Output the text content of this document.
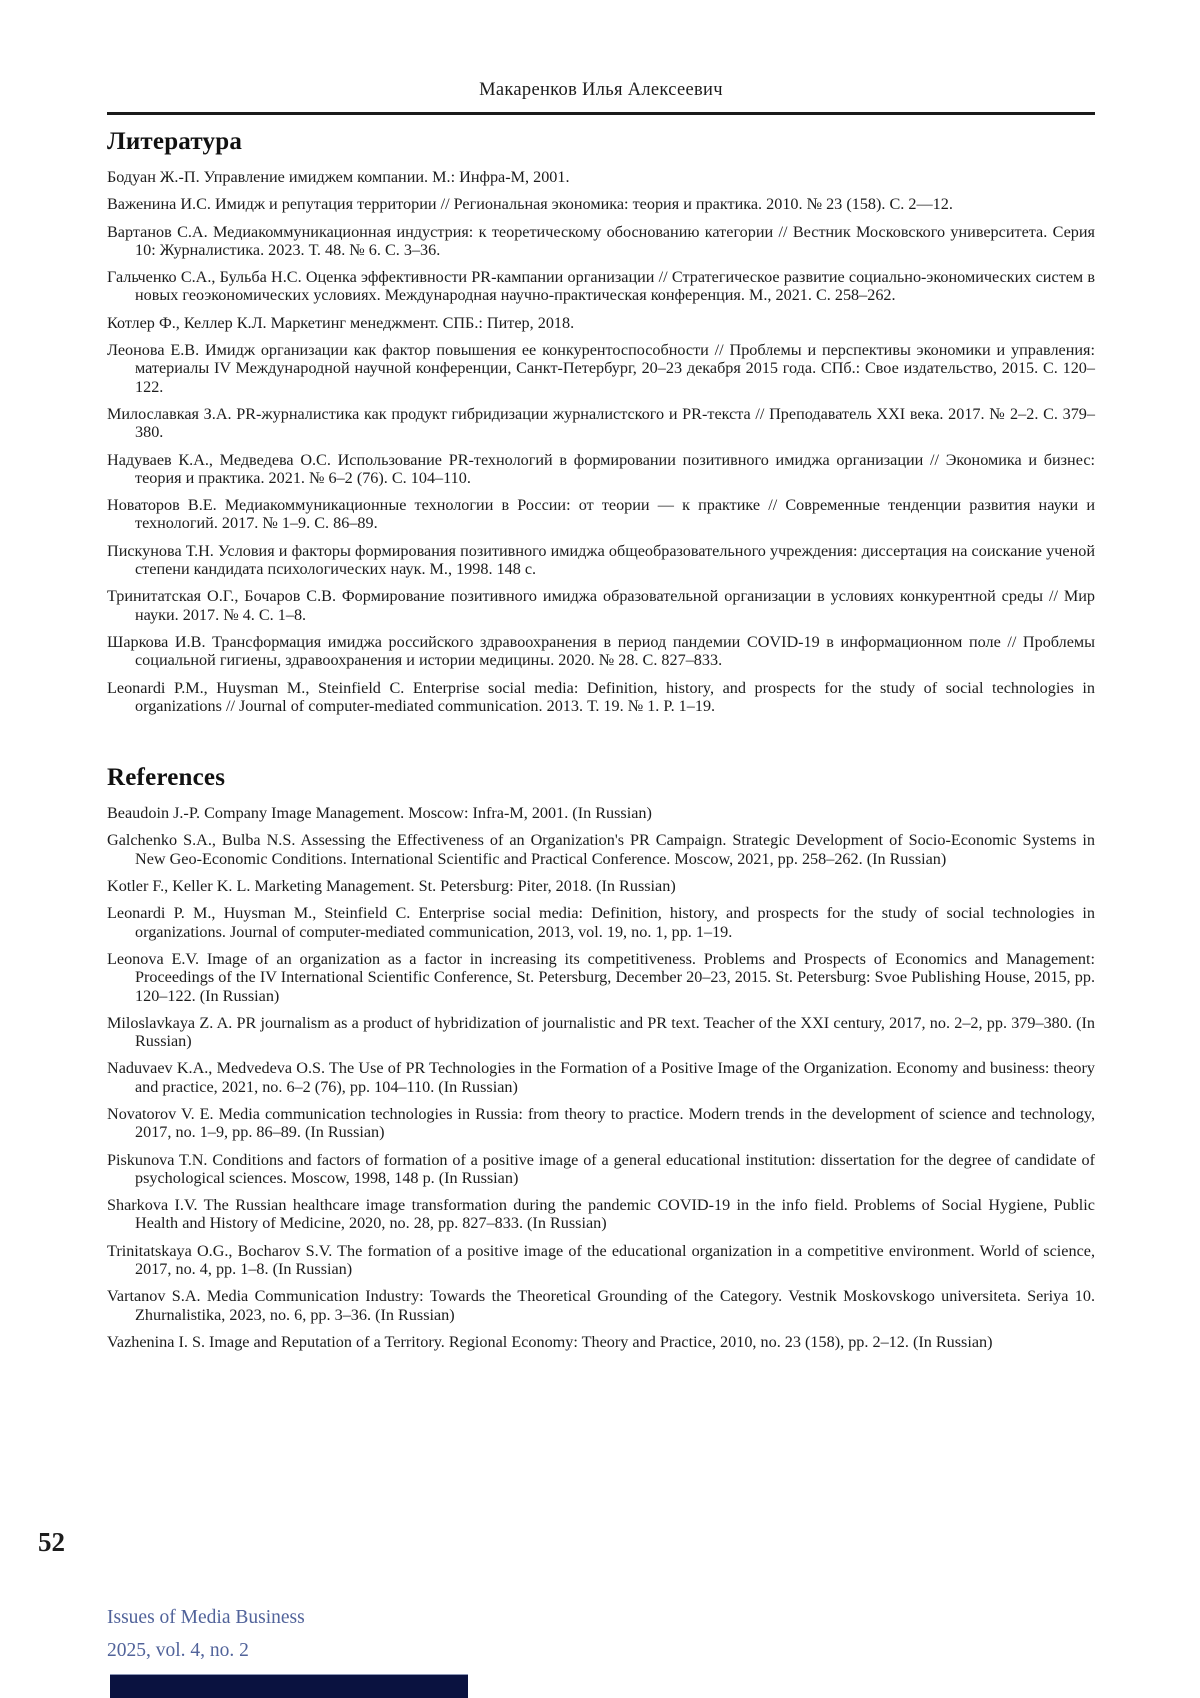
Макаренков Илья Алексеевич
Литература

Бодуан Ж.-П. Управление имиджем компании. М.: Инфра-М, 2001.

Важенина И.С. Имидж и репутация территории // Региональная экономика: теория и практика. 2010. № 23 (158). С. 2—12.

Вартанов С.А. Медиакоммуникационная индустрия: к теоретическому обоснованию категории // Вестник Московского университета. Серия 10: Журналистика. 2023. Т. 48. № 6. С. 3–36.

Гальченко С.А., Бульба Н.С. Оценка эффективности PR-кампании организации // Стратегическое развитие социально-экономических систем в новых геоэкономических условиях. Международная научно-практическая конференция. М., 2021. С. 258–262.

Котлер Ф., Келлер К.Л. Маркетинг менеджмент. СПБ.: Питер, 2018.

Леонова Е.В. Имидж организации как фактор повышения ее конкурентоспособности // Проблемы и перспективы экономики и управления: материалы IV Международной научной конференции, Санкт-Петербург, 20–23 декабря 2015 года. СПб.: Свое издательство, 2015. С. 120–122.

Милославкая З.А. PR-журналистика как продукт гибридизации журналистского и PR-текста // Преподаватель XXI века. 2017. № 2–2. С. 379–380.

Надуваев К.А., Медведева О.С. Использование PR-технологий в формировании позитивного имиджа организации // Экономика и бизнес: теория и практика. 2021. № 6–2 (76). С. 104–110.

Новаторов В.Е. Медиакоммуникационные технологии в России: от теории — к практике // Современные тенденции развития науки и технологий. 2017. № 1–9. С. 86–89.

Пискунова Т.Н. Условия и факторы формирования позитивного имиджа общеобразовательного учреждения: диссертация на соискание ученой степени кандидата психологических наук. М., 1998. 148 с.

Тринитатская О.Г., Бочаров С.В. Формирование позитивного имиджа образовательной организации в условиях конкурентной среды // Мир науки. 2017. № 4. С. 1–8.

Шаркова И.В. Трансформация имиджа российского здравоохранения в период пандемии COVID-19 в информационном поле // Проблемы социальной гигиены, здравоохранения и истории медицины. 2020. № 28. С. 827–833.

Leonardi P.M., Huysman M., Steinfield C. Enterprise social media: Definition, history, and prospects for the study of social technologies in organizations // Journal of computer-mediated communication. 2013. Т. 19. № 1. P. 1–19.

References

Beaudoin J.-P. Company Image Management. Moscow: Infra-M, 2001. (In Russian)

Galchenko S.A., Bulba N.S. Assessing the Effectiveness of an Organization's PR Campaign. Strategic Development of Socio-Economic Systems in New Geo-Economic Conditions. International Scientific and Practical Conference. Moscow, 2021, pp. 258–262. (In Russian)

Kotler F., Keller K. L. Marketing Management. St. Petersburg: Piter, 2018. (In Russian)

Leonardi P. M., Huysman M., Steinfield C. Enterprise social media: Definition, history, and prospects for the study of social technologies in organizations. Journal of computer-mediated communication, 2013, vol. 19, no. 1, pp. 1–19.

Leonova E.V. Image of an organization as a factor in increasing its competitiveness. Problems and Prospects of Economics and Management: Proceedings of the IV International Scientific Conference, St. Petersburg, December 20–23, 2015. St. Petersburg: Svoe Publishing House, 2015, pp. 120–122. (In Russian)

Miloslavkaya Z. A. PR journalism as a product of hybridization of journalistic and PR text. Teacher of the XXI century, 2017, no. 2–2, pp. 379–380. (In Russian)

Naduvaev K.A., Medvedeva O.S. The Use of PR Technologies in the Formation of a Positive Image of the Organization. Economy and business: theory and practice, 2021, no. 6–2 (76), pp. 104–110. (In Russian)

Novatorov V. E. Media communication technologies in Russia: from theory to practice. Modern trends in the development of science and technology, 2017, no. 1–9, pp. 86–89. (In Russian)

Piskunova T.N. Conditions and factors of formation of a positive image of a general educational institution: dissertation for the degree of candidate of psychological sciences. Moscow, 1998, 148 p. (In Russian)

Sharkova I.V. The Russian healthcare image transformation during the pandemic COVID-19 in the info field. Problems of Social Hygiene, Public Health and History of Medicine, 2020, no. 28, pp. 827–833. (In Russian)

Trinitatskaya O.G., Bocharov S.V. The formation of a positive image of the educational organization in a competitive environment. World of science, 2017, no. 4, pp. 1–8. (In Russian)

Vartanov S.A. Media Communication Industry: Towards the Theoretical Grounding of the Category. Vestnik Moskovskogo universiteta. Seriya 10. Zhurnalistika, 2023, no. 6, pp. 3–36. (In Russian)

Vazhenina I. S. Image and Reputation of a Territory. Regional Economy: Theory and Practice, 2010, no. 23 (158), pp. 2–12. (In Russian)

52
Issues of Media Business
2025, vol. 4, no. 2
